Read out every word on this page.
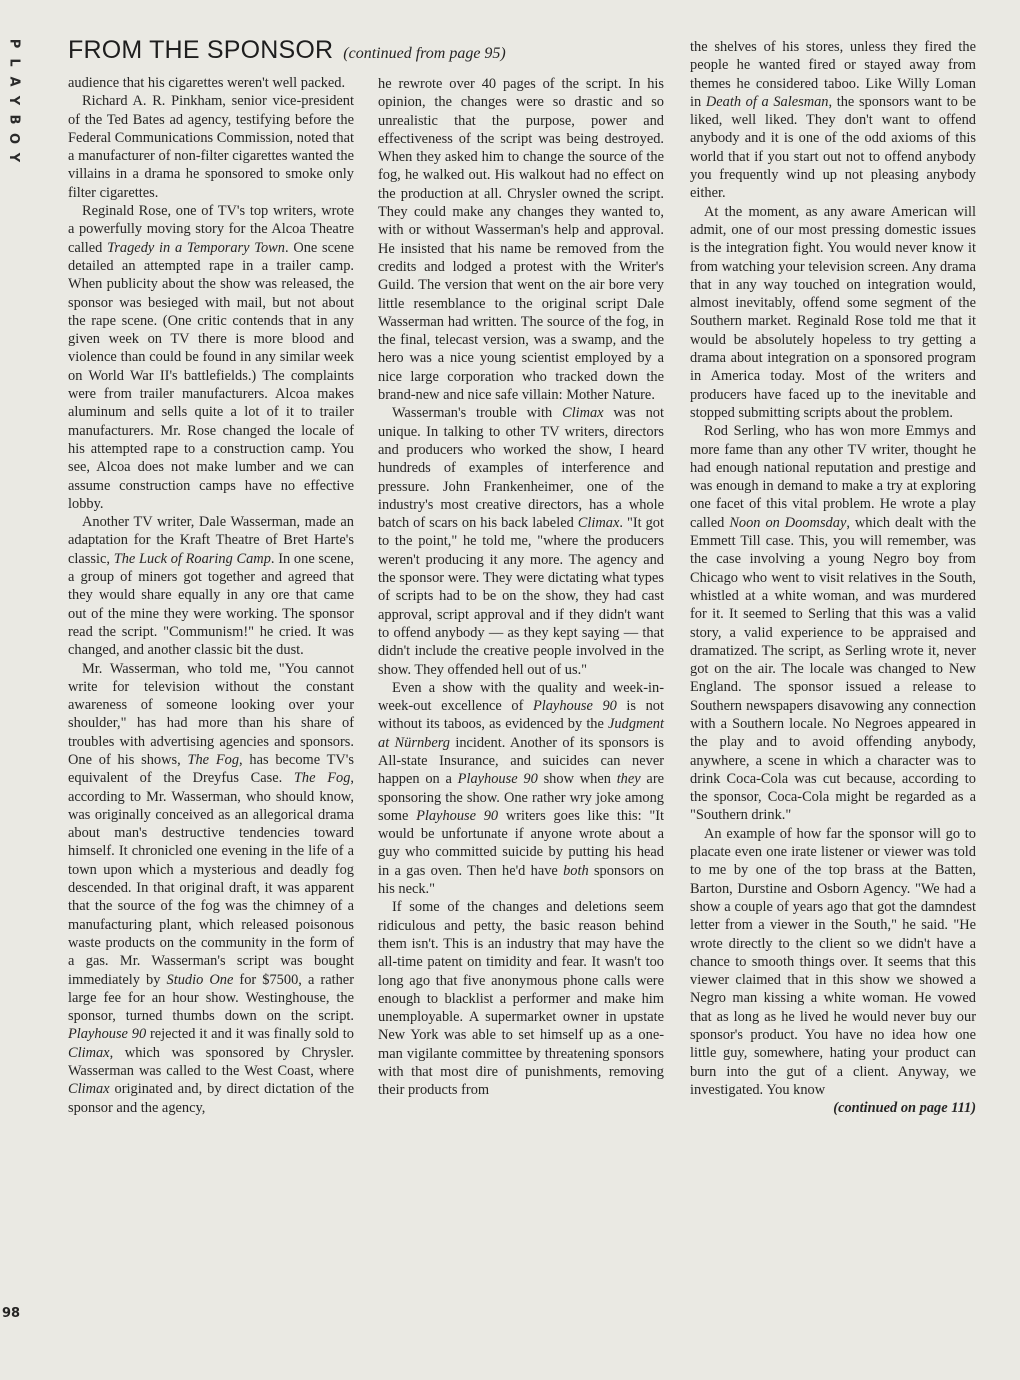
P
L
A
Y
B
O
Y
98
FROM THE SPONSOR (continued from page 95)

audience that his cigarettes weren't well packed.

Richard A. R. Pinkham, senior vice-president of the Ted Bates ad agency, testifying before the Federal Communications Commission, noted that a manufacturer of non-filter cigarettes wanted the villains in a drama he sponsored to smoke only filter cigarettes.

Reginald Rose, one of TV's top writers, wrote a powerfully moving story for the Alcoa Theatre called Tragedy in a Temporary Town. One scene detailed an attempted rape in a trailer camp. When publicity about the show was released, the sponsor was besieged with mail, but not about the rape scene. (One critic contends that in any given week on TV there is more blood and violence than could be found in any similar week on World War II's battlefields.) The complaints were from trailer manufacturers. Alcoa makes aluminum and sells quite a lot of it to trailer manufacturers. Mr. Rose changed the locale of his attempted rape to a construction camp. You see, Alcoa does not make lumber and we can assume construction camps have no effective lobby.

Another TV writer, Dale Wasserman, made an adaptation for the Kraft Theatre of Bret Harte's classic, The Luck of Roaring Camp. In one scene, a group of miners got together and agreed that they would share equally in any ore that came out of the mine they were working. The sponsor read the script. "Communism!" he cried. It was changed, and another classic bit the dust.

Mr. Wasserman, who told me, "You cannot write for television without the constant awareness of someone looking over your shoulder," has had more than his share of troubles with advertising agencies and sponsors. One of his shows, The Fog, has become TV's equivalent of the Dreyfus Case. The Fog, according to Mr. Wasserman, who should know, was originally conceived as an allegorical drama about man's destructive tendencies toward himself. It chronicled one evening in the life of a town upon which a mysterious and deadly fog descended. In that original draft, it was apparent that the source of the fog was the chimney of a manufacturing plant, which released poisonous waste products on the community in the form of a gas. Mr. Wasserman's script was bought immediately by Studio One for $7500, a rather large fee for an hour show. Westinghouse, the sponsor, turned thumbs down on the script. Playhouse 90 rejected it and it was finally sold to Climax, which was sponsored by Chrysler. Wasserman was called to the West Coast, where Climax originated and, by direct dictation of the sponsor and the agency,

he rewrote over 40 pages of the script. In his opinion, the changes were so drastic and so unrealistic that the purpose, power and effectiveness of the script was being destroyed. When they asked him to change the source of the fog, he walked out. His walkout had no effect on the production at all. Chrysler owned the script. They could make any changes they wanted to, with or without Wasserman's help and approval. He insisted that his name be removed from the credits and lodged a protest with the Writer's Guild. The version that went on the air bore very little resemblance to the original script Dale Wasserman had written. The source of the fog, in the final, telecast version, was a swamp, and the hero was a nice young scientist employed by a nice large corporation who tracked down the brand-new and nice safe villain: Mother Nature.

Wasserman's trouble with Climax was not unique. In talking to other TV writers, directors and producers who worked the show, I heard hundreds of examples of interference and pressure. John Frankenheimer, one of the industry's most creative directors, has a whole batch of scars on his back labeled Climax. "It got to the point," he told me, "where the producers weren't producing it any more. The agency and the sponsor were. They were dictating what types of scripts had to be on the show, they had cast approval, script approval and if they didn't want to offend anybody — as they kept saying — that didn't include the creative people involved in the show. They offended hell out of us."

Even a show with the quality and week-in-week-out excellence of Playhouse 90 is not without its taboos, as evidenced by the Judgment at Nürnberg incident. Another of its sponsors is All-state Insurance, and suicides can never happen on a Playhouse 90 show when they are sponsoring the show. One rather wry joke among some Playhouse 90 writers goes like this: "It would be unfortunate if anyone wrote about a guy who committed suicide by putting his head in a gas oven. Then he'd have both sponsors on his neck."

If some of the changes and deletions seem ridiculous and petty, the basic reason behind them isn't. This is an industry that may have the all-time patent on timidity and fear. It wasn't too long ago that five anonymous phone calls were enough to blacklist a performer and make him unemployable. A supermarket owner in upstate New York was able to set himself up as a one-man vigilante committee by threatening sponsors with that most dire of punishments, removing their products from

the shelves of his stores, unless they fired the people he wanted fired or stayed away from themes he considered taboo. Like Willy Loman in Death of a Salesman, the sponsors want to be liked, well liked. They don't want to offend anybody and it is one of the odd axioms of this world that if you start out not to offend anybody you frequently wind up not pleasing anybody either.

At the moment, as any aware American will admit, one of our most pressing domestic issues is the integration fight. You would never know it from watching your television screen. Any drama that in any way touched on integration would, almost inevitably, offend some segment of the Southern market. Reginald Rose told me that it would be absolutely hopeless to try getting a drama about integration on a sponsored program in America today. Most of the writers and producers have faced up to the inevitable and stopped submitting scripts about the problem.

Rod Serling, who has won more Emmys and more fame than any other TV writer, thought he had enough national reputation and prestige and was enough in demand to make a try at exploring one facet of this vital problem. He wrote a play called Noon on Doomsday, which dealt with the Emmett Till case. This, you will remember, was the case involving a young Negro boy from Chicago who went to visit relatives in the South, whistled at a white woman, and was murdered for it. It seemed to Serling that this was a valid story, a valid experience to be appraised and dramatized. The script, as Serling wrote it, never got on the air. The locale was changed to New England. The sponsor issued a release to Southern newspapers disavowing any connection with a Southern locale. No Negroes appeared in the play and to avoid offending anybody, anywhere, a scene in which a character was to drink Coca-Cola was cut because, according to the sponsor, Coca-Cola might be regarded as a "Southern drink."

An example of how far the sponsor will go to placate even one irate listener or viewer was told to me by one of the top brass at the Batten, Barton, Durstine and Osborn Agency. "We had a show a couple of years ago that got the damndest letter from a viewer in the South," he said. "He wrote directly to the client so we didn't have a chance to smooth things over. It seems that this viewer claimed that in this show we showed a Negro man kissing a white woman. He vowed that as long as he lived he would never buy our sponsor's product. You have no idea how one little guy, somewhere, hating your product can burn into the gut of a client. Anyway, we investigated. You know

(continued on page 111)
